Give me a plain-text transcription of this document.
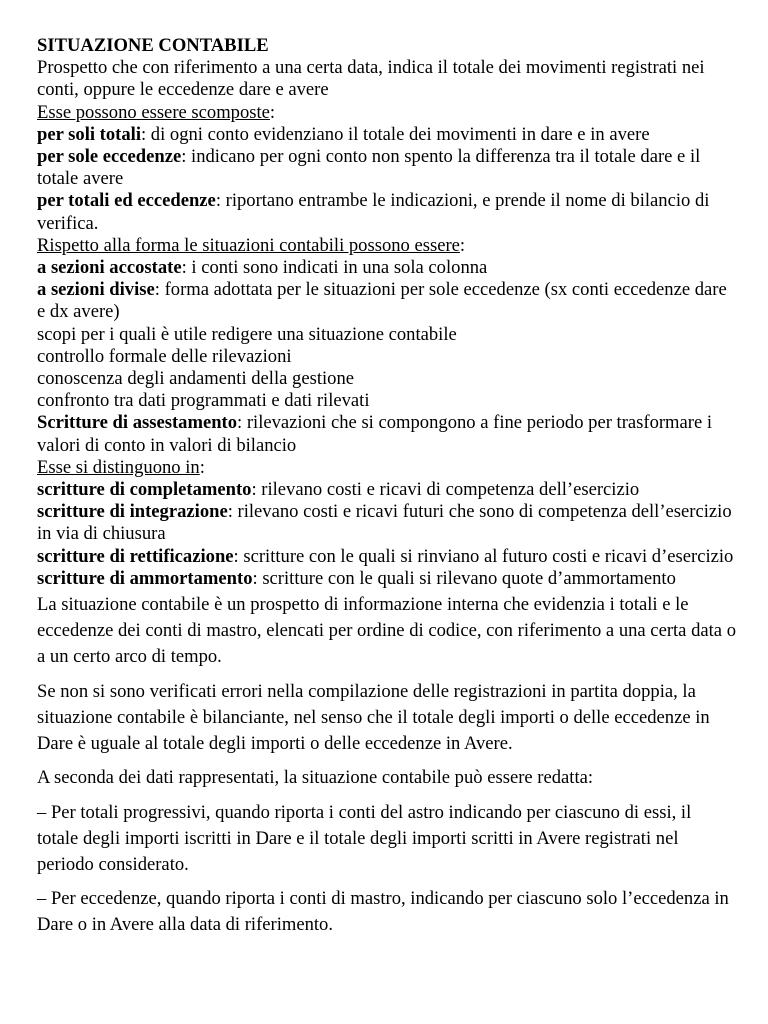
SITUAZIONE CONTABILE

Prospetto che con riferimento a una certa data, indica il totale dei movimenti registrati nei conti, oppure le eccedenze dare e avere

Esse possono essere scomposte:

per soli totali: di ogni conto evidenziano il totale dei movimenti in dare e in avere

per sole eccedenze: indicano per ogni conto non spento la differenza tra il totale dare e il totale avere

per totali ed eccedenze: riportano entrambe le indicazioni, e prende il nome di bilancio di verifica.

Rispetto alla forma le situazioni contabili possono essere:

a sezioni accostate: i conti sono indicati in una sola colonna

a sezioni divise: forma adottata per le situazioni per sole eccedenze (sx conti eccedenze dare e dx avere)

scopi per i quali è utile redigere una situazione contabile

controllo formale delle rilevazioni

conoscenza degli andamenti della gestione

confronto tra dati programmati e dati rilevati

Scritture di assestamento: rilevazioni che si compongono a fine periodo per trasformare i valori di conto in valori di bilancio

Esse si distinguono in:

scritture di completamento: rilevano costi e ricavi di competenza dell’esercizio

scritture di integrazione: rilevano costi e ricavi futuri che sono di competenza dell’esercizio in via di chiusura

scritture di rettificazione: scritture con le quali si rinviano al futuro costi e ricavi d’esercizio

scritture di ammortamento: scritture con le quali si rilevano quote d’ammortamento

La situazione contabile è un prospetto di informazione interna che evidenzia i totali e le eccedenze dei conti di mastro, elencati per ordine di codice, con riferimento a una certa data o a un certo arco di tempo.

Se non si sono verificati errori nella compilazione delle registrazioni in partita doppia, la situazione contabile è bilanciante, nel senso che il totale degli importi o delle eccedenze in Dare è uguale al totale degli importi o delle eccedenze in Avere.

A seconda dei dati rappresentati, la situazione contabile può essere redatta:

– Per totali progressivi, quando riporta i conti del astro indicando per ciascuno di essi, il totale degli importi iscritti in Dare e il totale degli importi scritti in Avere registrati nel periodo considerato.

– Per eccedenze, quando riporta i conti di mastro, indicando per ciascuno solo l’eccedenza in Dare o in Avere alla data di riferimento.
